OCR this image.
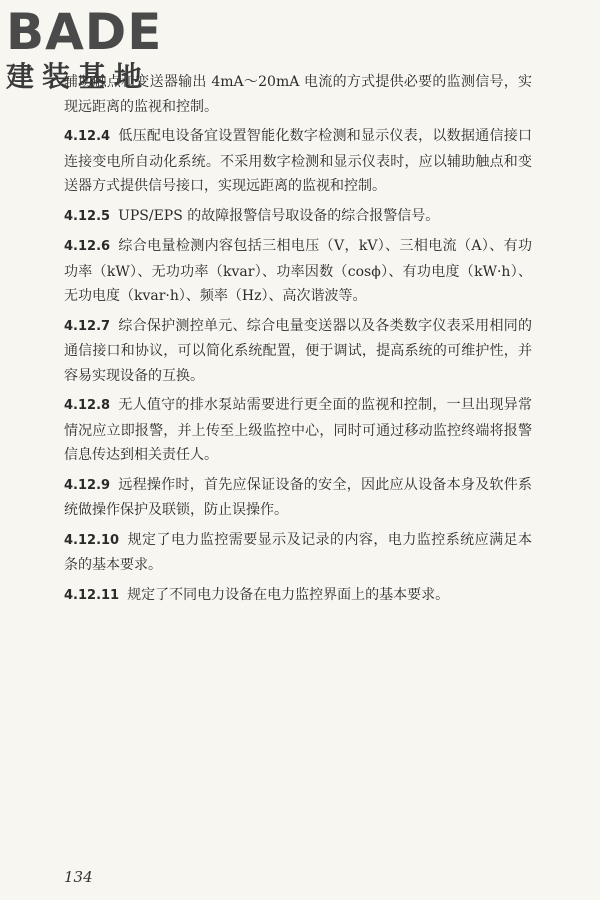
BADE
建装基地

辅助触点和变送器输出 4mA～20mA 电流的方式提供必要的监测信号，实现远距离的监视和控制。

4.12.4 低压配电设备宜设置智能化数字检测和显示仪表，以数据通信接口连接变电所自动化系统。不采用数字检测和显示仪表时，应以辅助触点和变送器方式提供信号接口，实现远距离的监视和控制。

4.12.5 UPS/EPS 的故障报警信号取设备的综合报警信号。

4.12.6 综合电量检测内容包括三相电压（V，kV）、三相电流（A）、有功功率（kW）、无功功率（kvar）、功率因数（cosϕ）、有功电度（kW·h）、无功电度（kvar·h）、频率（Hz）、高次谐波等。

4.12.7 综合保护测控单元、综合电量变送器以及各类数字仪表采用相同的通信接口和协议，可以简化系统配置，便于调试，提高系统的可维护性，并容易实现设备的互换。

4.12.8 无人值守的排水泵站需要进行更全面的监视和控制，一旦出现异常情况应立即报警，并上传至上级监控中心，同时可通过移动监控终端将报警信息传达到相关责任人。

4.12.9 远程操作时，首先应保证设备的安全，因此应从设备本身及软件系统做操作保护及联锁，防止误操作。

4.12.10 规定了电力监控需要显示及记录的内容，电力监控系统应满足本条的基本要求。

4.12.11 规定了不同电力设备在电力监控界面上的基本要求。

134
